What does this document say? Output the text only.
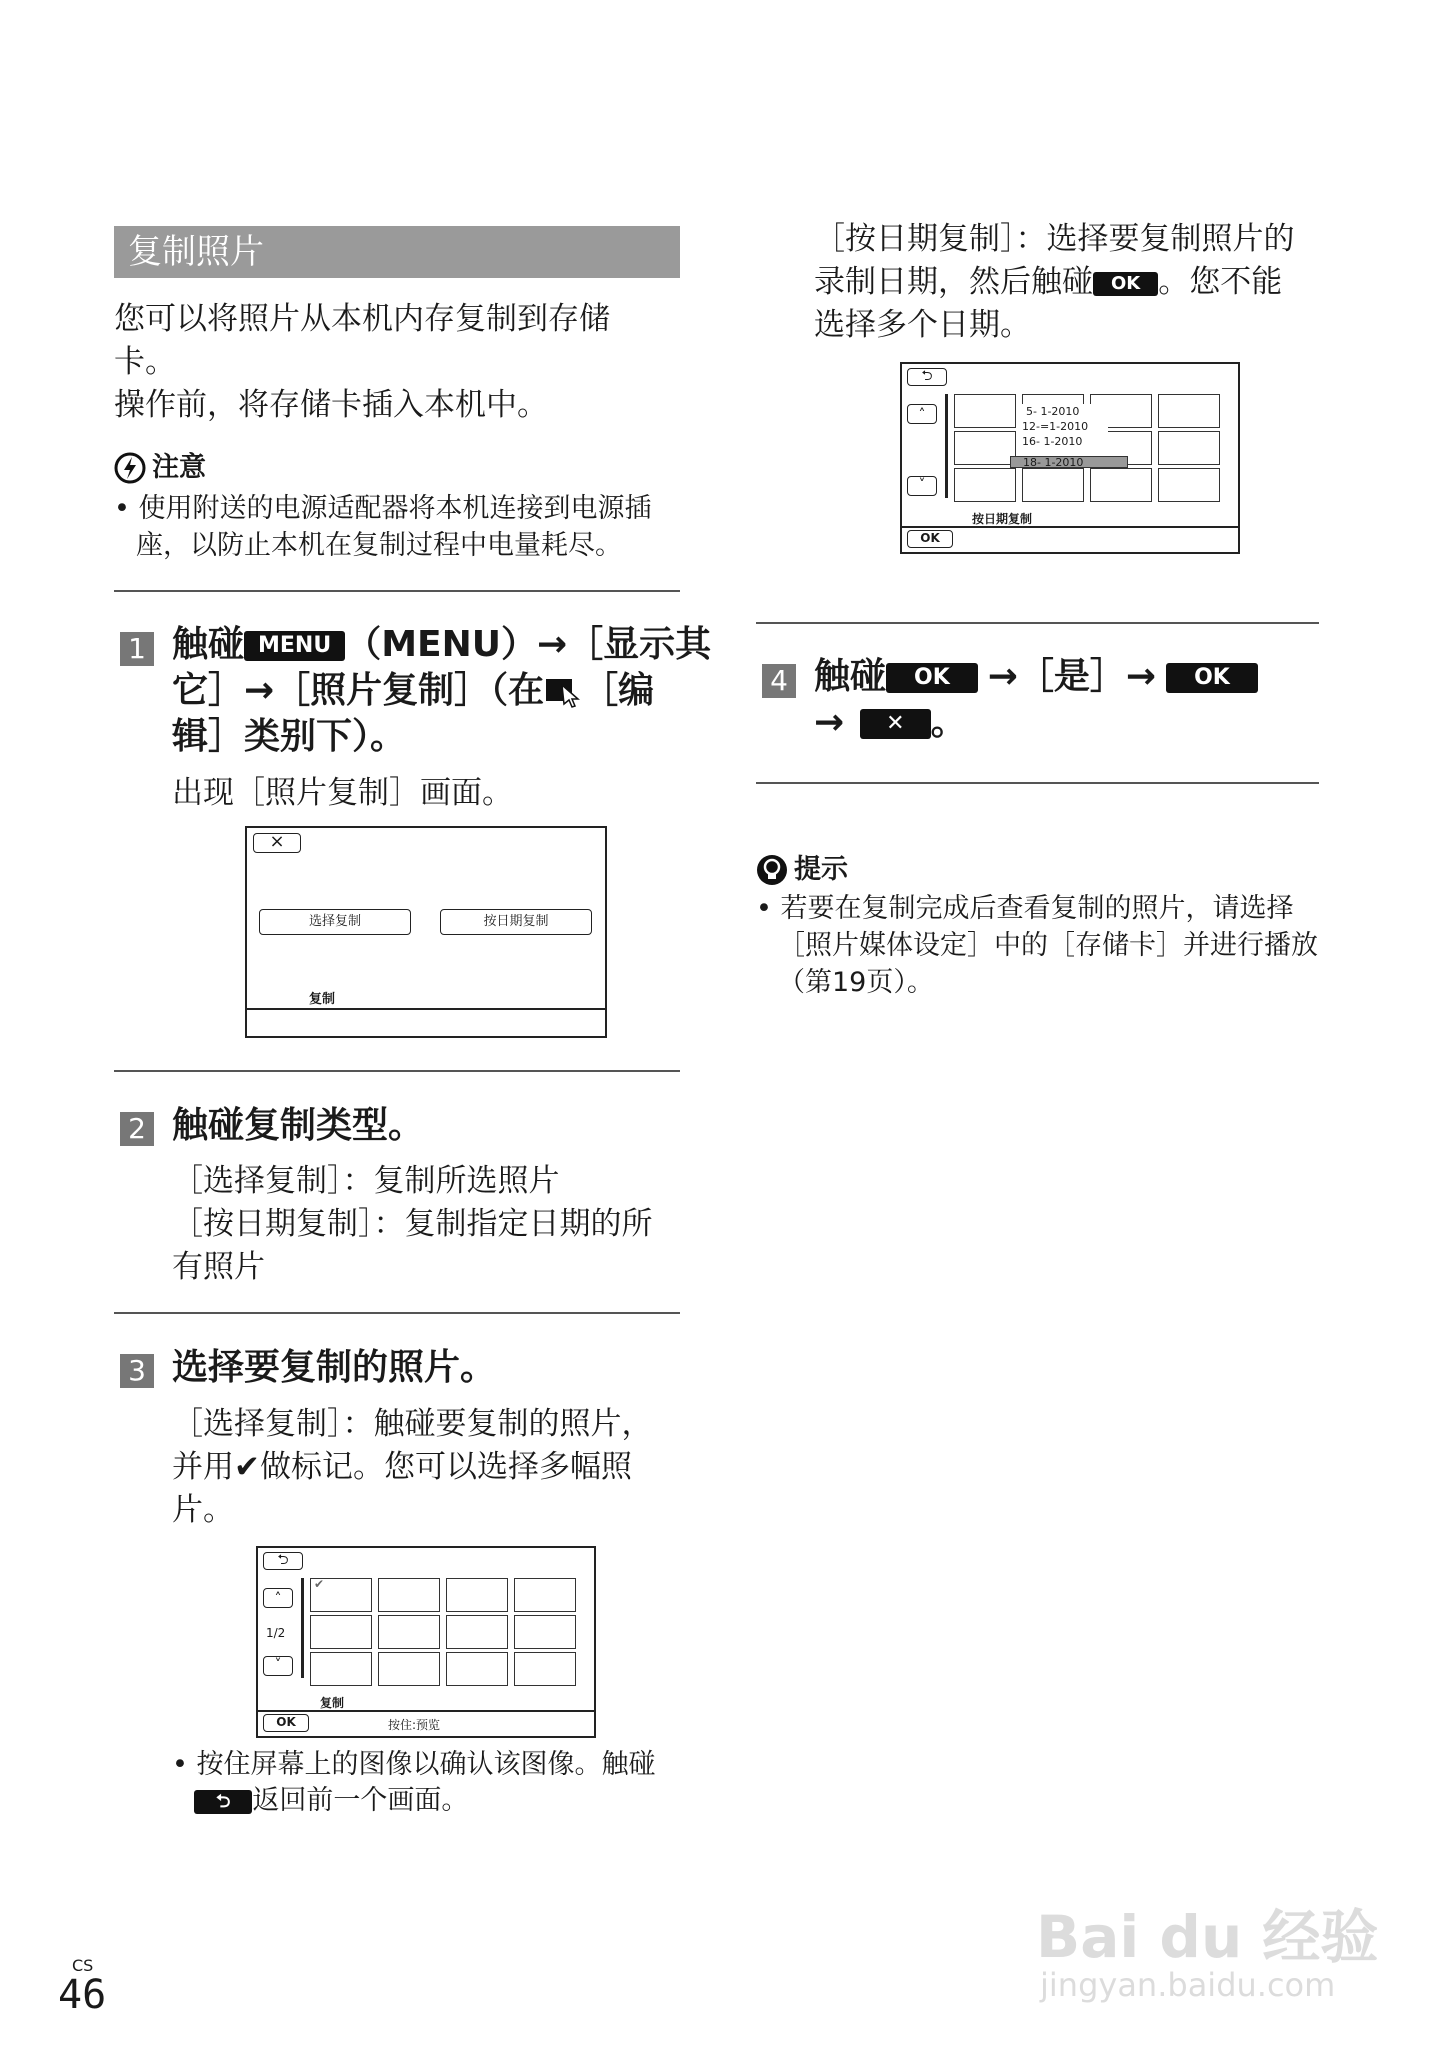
复制照片
您可以将照片从本机内存复制到存储
卡。
操作前，将存储卡插入本机中。
注意
• 使用附送的电源适配器将本机连接到电源插
座，以防止本机在复制过程中电量耗尽。
1 触碰 MENU （MENU）→［显示其
它］→［照片复制］（在 ［编
辑］类别下）。
出现［照片复制］画面。
×
选择复制	按日期复制
复制
2 触碰复制类型。
［选择复制］：复制所选照片
［按日期复制］：复制指定日期的所
有照片
3 选择要复制的照片。
［选择复制］：触碰要复制的照片，
并用✔做标记。您可以选择多幅照
片。
⮌
˄
1/2
˅
✔
复制
OK	按住:预览
• 按住屏幕上的图像以确认该图像。触碰
⮌ 返回前一个画面。
［按日期复制］：选择要复制照片的
录制日期，然后触碰 OK 。您不能
选择多个日期。
⮌
˄
˅
5- 1-2010
12-=1-2010
16- 1-2010
18- 1-2010
按日期复制
OK
4 触碰 OK →［是］→ OK
→ ✕ 。
提示
• 若要在复制完成后查看复制的照片，请选择
［照片媒体设定］中的［存储卡］并进行播放
（第19页）。
CS
46
Bai du 经验
jingyan.baidu.com
